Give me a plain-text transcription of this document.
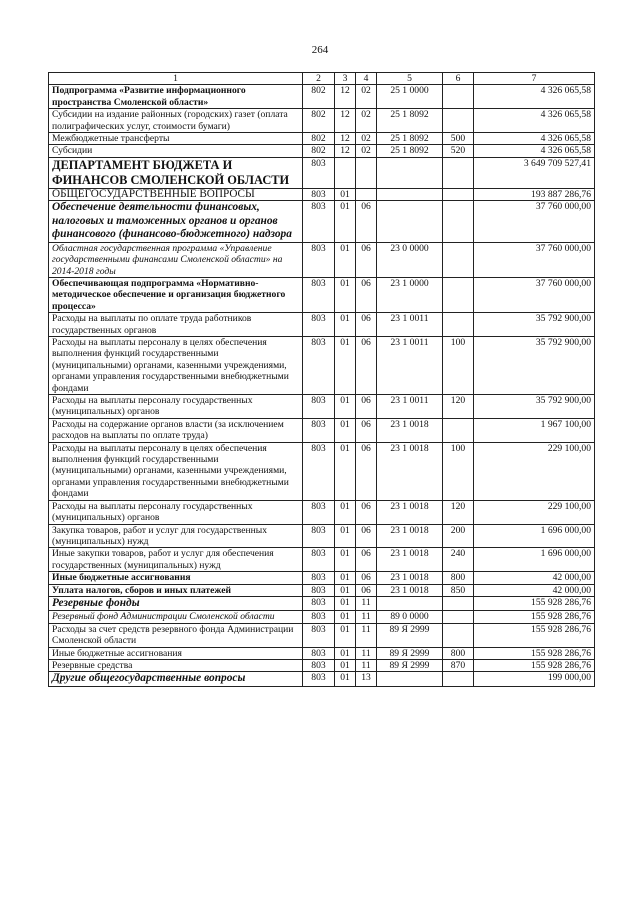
264
1	2	3	4	5	6	7
Подпрограмма «Развитие информационного пространства Смоленской области»	802	12	02	25 1 0000		4 326 065,58
Субсидии на издание районных (городских) газет (оплата полиграфических услуг, стоимости бумаги)	802	12	02	25 1 8092		4 326 065,58
Межбюджетные трансферты	802	12	02	25 1 8092	500	4 326 065,58
Субсидии	802	12	02	25 1 8092	520	4 326 065,58
ДЕПАРТАМЕНТ БЮДЖЕТА И ФИНАНСОВ СМОЛЕНСКОЙ ОБЛАСТИ	803					3 649 709 527,41
ОБЩЕГОСУДАРСТВЕННЫЕ ВОПРОСЫ	803	01				193 887 286,76
Обеспечение деятельности финансовых, налоговых и таможенных органов и органов финансового (финансово-бюджетного) надзора	803	01	06			37 760 000,00
Областная государственная программа «Управление государственными финансами Смоленской области» на 2014-2018 годы	803	01	06	23 0 0000		37 760 000,00
Обеспечивающая подпрограмма «Нормативно-методическое обеспечение и организация бюджетного процесса»	803	01	06	23 1 0000		37 760 000,00
Расходы на выплаты по оплате труда работников государственных органов	803	01	06	23 1 0011		35 792 900,00
Расходы на выплаты персоналу в целях обеспечения выполнения функций государственными (муниципальными) органами, казенными учреждениями, органами управления государственными внебюджетными фондами	803	01	06	23 1 0011	100	35 792 900,00
Расходы на выплаты персоналу государственных (муниципальных) органов	803	01	06	23 1 0011	120	35 792 900,00
Расходы на содержание органов власти (за исключением расходов на выплаты по оплате труда)	803	01	06	23 1 0018		1 967 100,00
Расходы на выплаты персоналу в целях обеспечения выполнения функций государственными (муниципальными) органами, казенными учреждениями, органами управления государственными внебюджетными фондами	803	01	06	23 1 0018	100	229 100,00
Расходы на выплаты персоналу государственных (муниципальных) органов	803	01	06	23 1 0018	120	229 100,00
Закупка товаров, работ и услуг для государственных (муниципальных) нужд	803	01	06	23 1 0018	200	1 696 000,00
Иные закупки товаров, работ и услуг для обеспечения государственных (муниципальных) нужд	803	01	06	23 1 0018	240	1 696 000,00
Иные бюджетные ассигнования	803	01	06	23 1 0018	800	42 000,00
Уплата налогов, сборов и иных платежей	803	01	06	23 1 0018	850	42 000,00
Резервные фонды	803	01	11			155 928 286,76
Резервный фонд Администрации Смоленской области	803	01	11	89 0 0000		155 928 286,76
Расходы за счет средств резервного фонда Администрации Смоленской области	803	01	11	89 Я 2999		155 928 286,76
Иные бюджетные ассигнования	803	01	11	89 Я 2999	800	155 928 286,76
Резервные средства	803	01	11	89 Я 2999	870	155 928 286,76
Другие общегосударственные вопросы	803	01	13			199 000,00
